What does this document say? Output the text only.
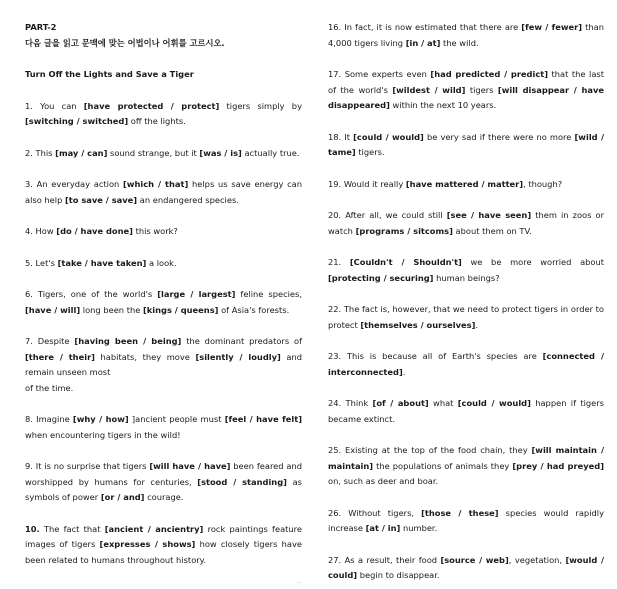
PART-2
다음 글을 읽고 문맥에 맞는 어법이나 어휘를 고르시오.
Turn Off the Lights and Save a Tiger
1. You can [have protected / protect] tigers simply by [switching / switched] off the lights.
2. This [may / can] sound strange, but it [was / is] actually true.
3. An everyday action [which / that] helps us save energy can also help [to save / save] an endangered species.
4. How [do / have done] this work?
5. Let's [take / have taken] a look.
6. Tigers, one of the world's [large / largest] feline species, [have / will] long been the [kings / queens] of Asia's forests.
7. Despite [having been / being] the dominant predators of [there / their] habitats, they move [silently / loudly] and remain unseen most
of the time.
8. Imagine [why / how] ]ancient people must [feel / have felt] when encountering tigers in the wild!
9. It is no surprise that tigers [will have / have] been feared and worshipped by humans for centuries, [stood / standing] as symbols of power [or / and] courage.
10. The fact that [ancient / ancientry] rock paintings feature images of tigers [expresses / shows] how closely tigers have been related to humans throughout history.
16. In fact, it is now estimated that there are [few / fewer] than 4,000 tigers living [in / at] the wild.
17. Some experts even [had predicted / predict] that the last of the world's [wildest / wild] tigers [will disappear / have disappeared] within the next 10 years.
18. It [could / would] be very sad if there were no more [wild / tame] tigers.
19. Would it really [have mattered / matter], though?
20. After all, we could still [see / have seen] them in zoos or watch [programs / sitcoms] about them on TV.
21. [Couldn't / Shouldn't] we be more worried about [protecting / securing] human beings?
22. The fact is, however, that we need to protect tigers in order to protect [themselves / ourselves].
23. This is because all of Earth's species are [connected / interconnected].
24. Think [of / about] what [could / would] happen if tigers became extinct.
25. Existing at the top of the food chain, they [will maintain / maintain] the populations of animals they [prey / had preyed] on, such as deer and boar.
26. Without tigers, [those / these] species would rapidly increase [at / in] number.
27. As a result, their food [source / web], vegetation, [would / could] begin to disappear.
˙˙
